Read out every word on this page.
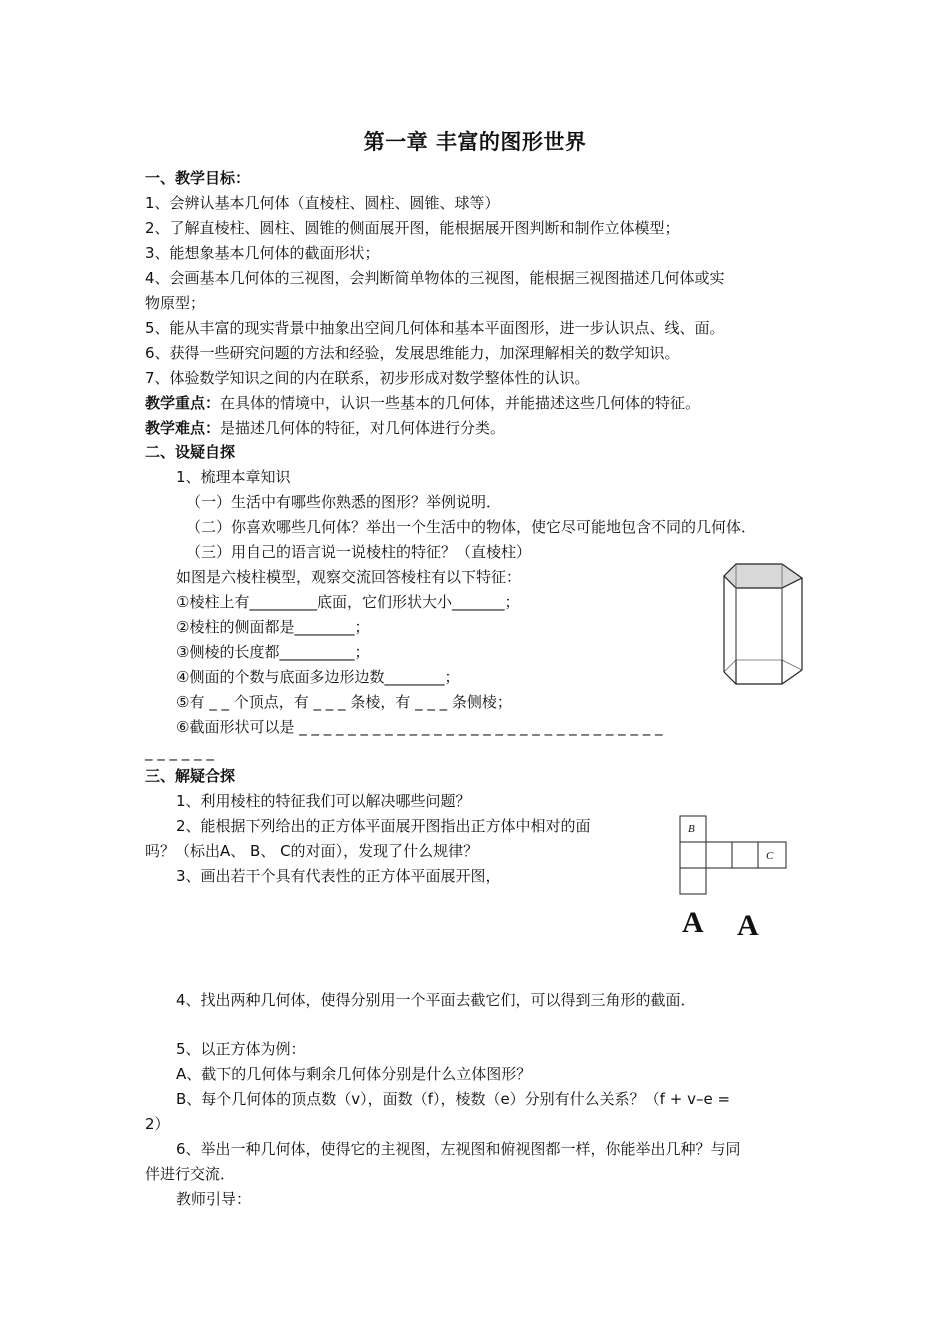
第一章 丰富的图形世界
一、教学目标：
1、会辨认基本几何体（直棱柱、圆柱、圆锥、球等）
2、了解直棱柱、圆柱、圆锥的侧面展开图，能根据展开图判断和制作立体模型；
3、能想象基本几何体的截面形状；
4、会画基本几何体的三视图，会判断简单物体的三视图，能根据三视图描述几何体或实
物原型；
5、能从丰富的现实背景中抽象出空间几何体和基本平面图形，进一步认识点、线、面。
6、获得一些研究问题的方法和经验，发展思维能力，加深理解相关的数学知识。
7、体验数学知识之间的内在联系，初步形成对数学整体性的认识。
教学重点：在具体的情境中，认识一些基本的几何体，并能描述这些几何体的特征。
教学难点：是描述几何体的特征，对几何体进行分类。
二、设疑自探
1、梳理本章知识
（一）生活中有哪些你熟悉的图形？举例说明．
（二）你喜欢哪些几何体？举出一个生活中的物体，使它尽可能地包含不同的几何体．
（三）用自己的语言说一说棱柱的特征？（直棱柱）
如图是六棱柱模型，观察交流回答棱柱有以下特征：
①棱柱上有_________底面，它们形状大小_______；
②棱柱的侧面都是________；
③侧棱的长度都__________；
④侧面的个数与底面多边形边数________；
⑤有 _ _ 个顶点，有 _ _ _ 条棱，有 _ _ _ 条侧棱；
⑥截面形状可以是 _ _ _ _ _ _ _ _ _ _ _ _ _ _ _ _ _ _ _ _ _ _ _ _ _ _ _ _ _ _
_ _ _ _ _ _
三、解疑合探
1、利用棱柱的特征我们可以解决哪些问题？
2、能根据下列给出的正方体平面展开图指出正方体中相对的面
吗？（标出A、 B、 C的对面），发现了什么规律？
3、画出若干个具有代表性的正方体平面展开图，
B
C
A A
4、找出两种几何体，使得分别用一个平面去截它们，可以得到三角形的截面．
5、以正方体为例：
A、截下的几何体与剩余几何体分别是什么立体图形？
B、每个几何体的顶点数（v），面数（f），棱数（e）分别有什么关系？（f + v–e =
2）
6、举出一种几何体，使得它的主视图，左视图和俯视图都一样，你能举出几种？与同
伴进行交流．
教师引导：
